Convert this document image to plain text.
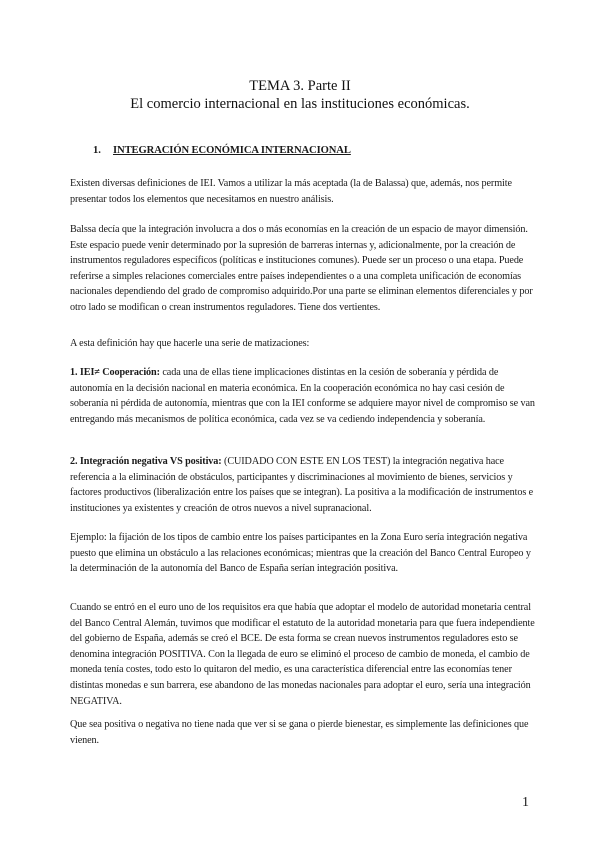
TEMA 3. Parte II
El comercio internacional en las instituciones económicas.
1. INTEGRACIÓN ECONÓMICA INTERNACIONAL

Existen diversas definiciones de IEI. Vamos a utilizar la más aceptada (la de Balassa) que, además, nos permite presentar todos los elementos que necesitamos en nuestro análisis.

Balssa decía que la integración involucra a dos o más economías en la creación de un espacio de mayor dimensión. Este espacio puede venir determinado por la supresión de barreras internas y, adicionalmente, por la creación de instrumentos reguladores específicos (políticas e instituciones comunes). Puede ser un proceso o una etapa. Puede referirse a simples relaciones comerciales entre países independientes o a una completa unificación de economías nacionales dependiendo del grado de compromiso adquirido.Por una parte se eliminan elementos diferenciales y por otro lado se modifican o crean instrumentos reguladores. Tiene dos vertientes.

A esta definición hay que hacerle una serie de matizaciones:

1. IEI≠ Cooperación: cada una de ellas tiene implicaciones distintas en la cesión de soberanía y pérdida de autonomía en la decisión nacional en materia económica. En la cooperación económica no hay casi cesión de soberanía ni pérdida de autonomía, mientras que con la IEI conforme se adquiere mayor nivel de compromiso se van entregando más mecanismos de política económica, cada vez se va cediendo independencia y soberanía.

2. Integración negativa VS positiva: (CUIDADO CON ESTE EN LOS TEST) la integración negativa hace referencia a la eliminación de obstáculos, participantes y discriminaciones al movimiento de bienes, servicios y factores productivos (liberalización entre los países que se integran). La positiva a la modificación de instrumentos e instituciones ya existentes y creación de otros nuevos a nivel supranacional.

Ejemplo: la fijación de los tipos de cambio entre los países participantes en la Zona Euro sería integración negativa puesto que elimina un obstáculo a las relaciones económicas; mientras que la creación del Banco Central Europeo y la determinación de la autonomía del Banco de España serían integración positiva.

Cuando se entró en el euro uno de los requisitos era que había que adoptar el modelo de autoridad monetaria central del Banco Central Alemán, tuvimos que modificar el estatuto de la autoridad monetaria para que fuera independiente del gobierno de España, además se creó el BCE. De esta forma se crean nuevos instrumentos reguladores esto se denomina integración POSITIVA. Con la llegada de euro se eliminó el proceso de cambio de moneda, el cambio de moneda tenía costes, todo esto lo quitaron del medio, es una característica diferencial entre las economías tener distintas monedas e sun barrera, ese abandono de las monedas nacionales para adoptar el euro, sería una integración NEGATIVA.

Que sea positiva o negativa no tiene nada que ver si se gana o pierde bienestar, es simplemente las definiciones que vienen.

1
